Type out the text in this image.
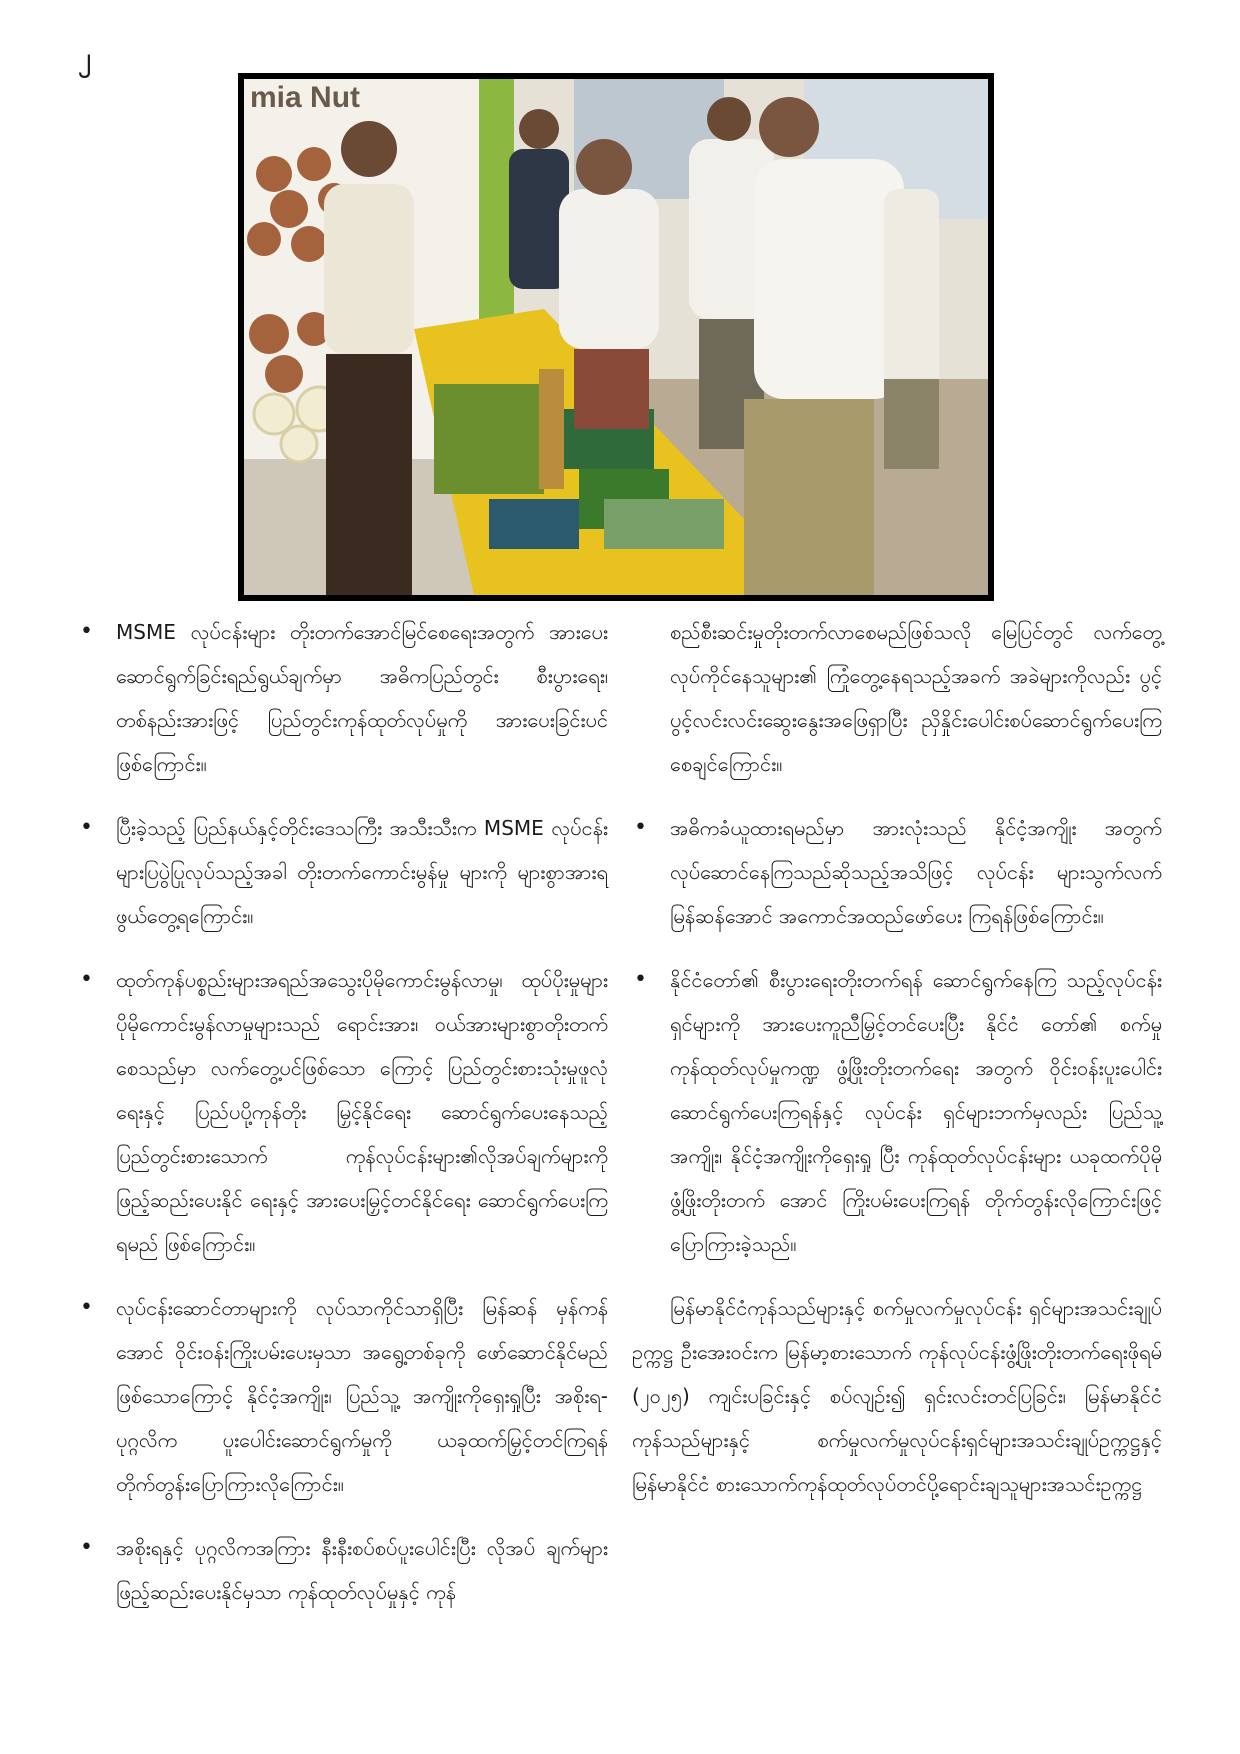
၂
mia Nut

• MSME လုပ်ငန်းများ တိုးတက်အောင်မြင်စေရေးအတွက် အားပေးဆောင်ရွက်ခြင်းရည်ရွယ်ချက်မှာ အဓိကပြည်တွင်း စီးပွားရေး၊ တစ်နည်းအားဖြင့် ပြည်တွင်းကုန်ထုတ်လုပ်မှုကို အားပေးခြင်းပင်ဖြစ်ကြောင်း။

• ပြီးခဲ့သည့် ပြည်နယ်နှင့်တိုင်းဒေသကြီး အသီးသီးက MSME လုပ်ငန်းများပြပွဲပြုလုပ်သည့်အခါ တိုးတက်ကောင်းမွန်မှု များကို များစွာအားရဖွယ်တွေ့ရကြောင်း။

• ထုတ်ကုန်ပစ္စည်းများအရည်အသွေးပိုမိုကောင်းမွန်လာမှု၊ ထုပ်ပိုးမှုများ ပိုမိုကောင်းမွန်လာမှုများသည် ရောင်းအား၊ ဝယ်အားများစွာတိုးတက်စေသည်မှာ လက်တွေ့ပင်ဖြစ်သော ကြောင့် ပြည်တွင်းစားသုံးမှုဖူလုံရေးနှင့် ပြည်ပပို့ကုန်တိုး မြှင့်နိုင်ရေး ဆောင်ရွက်ပေးနေသည့် ပြည်တွင်းစားသောက် ကုန်လုပ်ငန်းများ၏လိုအပ်ချက်များကို ဖြည့်ဆည်းပေးနိုင် ရေးနှင့် အားပေးမြှင့်တင်နိုင်ရေး ဆောင်ရွက်ပေးကြရမည် ဖြစ်ကြောင်း။

• လုပ်ငန်းဆောင်တာများကို လုပ်သာကိုင်သာရှိပြီး မြန်ဆန် မှန်ကန်အောင် ဝိုင်းဝန်းကြိုးပမ်းပေးမှသာ အရွေ့တစ်ခုကို ဖော်ဆောင်နိုင်မည်ဖြစ်သောကြောင့် နိုင်ငံ့အကျိုး၊ ပြည်သူ့ အကျိုးကိုရှေးရှုပြီး အစိုးရ-ပုဂ္ဂလိက ပူးပေါင်းဆောင်ရွက်မှုကို ယခုထက်မြှင့်တင်ကြရန် တိုက်တွန်းပြောကြားလိုကြောင်း။

• အစိုးရနှင့် ပုဂ္ဂလိကအကြား နီးနီးစပ်စပ်ပူးပေါင်းပြီး လိုအပ် ချက်များဖြည့်ဆည်းပေးနိုင်မှသာ ကုန်ထုတ်လုပ်မှုနှင့် ကုန်

စည်စီးဆင်းမှုတိုးတက်လာစေမည်ဖြစ်သလို မြေပြင်တွင် လက်တွေ့လုပ်ကိုင်နေသူများ၏ ကြုံတွေ့နေရသည့်အခက် အခဲများကိုလည်း ပွင့်ပွင့်လင်းလင်းဆွေးနွေးအဖြေရှာပြီး ညှိနှိုင်းပေါင်းစပ်ဆောင်ရွက်ပေးကြစေချင်ကြောင်း။

• အဓိကခံယူထားရမည်မှာ အားလုံးသည် နိုင်ငံ့အကျိုး အတွက် လုပ်ဆောင်နေကြသည်ဆိုသည့်အသိဖြင့် လုပ်ငန်း များသွက်လက်မြန်ဆန်အောင် အကောင်အထည်ဖော်ပေး ကြရန်ဖြစ်ကြောင်း။

• နိုင်ငံတော်၏ စီးပွားရေးတိုးတက်ရန် ဆောင်ရွက်နေကြ သည့်လုပ်ငန်းရှင်များကို အားပေးကူညီမြှင့်တင်ပေးပြီး နိုင်ငံ တော်၏ စက်မှုကုန်ထုတ်လုပ်မှုကဏ္ဍ ဖွံ့ဖြိုးတိုးတက်ရေး အတွက် ဝိုင်းဝန်းပူးပေါင်းဆောင်ရွက်ပေးကြရန်နှင့် လုပ်ငန်း ရှင်များဘက်မှလည်း ပြည်သူ့အကျိုး၊ နိုင်ငံ့အကျိုးကိုရှေးရှု ပြီး ကုန်ထုတ်လုပ်ငန်းများ ယခုထက်ပိုမိုဖွံ့ဖြိုးတိုးတက် အောင် ကြိုးပမ်းပေးကြရန် တိုက်တွန်းလိုကြောင်းဖြင့် ပြောကြားခဲ့သည်။

မြန်မာနိုင်ငံကုန်သည်များနှင့် စက်မှုလက်မှုလုပ်ငန်း ရှင်များအသင်းချုပ်ဥက္ကဋ္ဌ ဦးအေးဝင်းက မြန်မာ့စားသောက် ကုန်လုပ်ငန်းဖွံ့ဖြိုးတိုးတက်ရေးဖိုရမ် (၂၀၂၅) ကျင်းပခြင်းနှင့် စပ်လျဉ်း၍ ရှင်းလင်းတင်ပြခြင်း၊ မြန်မာနိုင်ငံကုန်သည်များနှင့် စက်မှုလက်မှုလုပ်ငန်းရှင်များအသင်းချုပ်ဥက္ကဋ္ဌနှင့် မြန်မာနိုင်ငံ စားသောက်ကုန်ထုတ်လုပ်တင်ပို့ရောင်းချသူများအသင်းဥက္ကဋ္ဌ
